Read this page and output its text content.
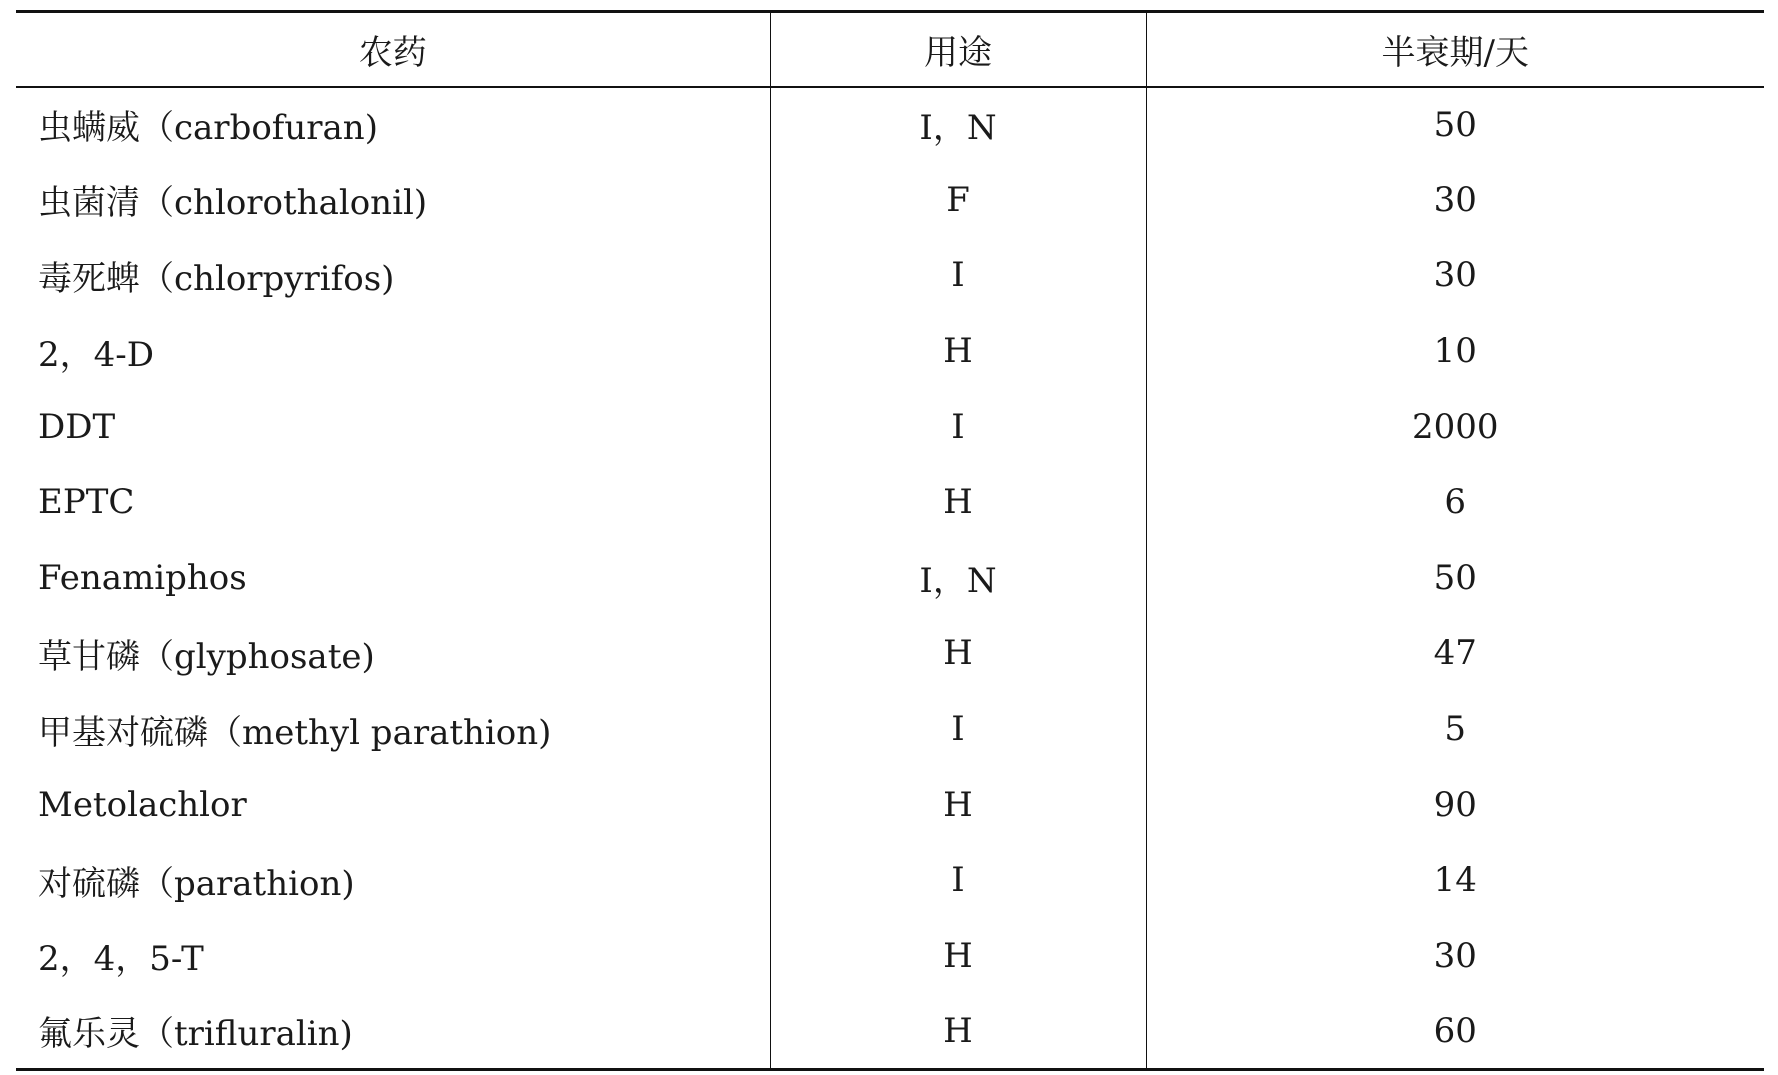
农药	用途	半衰期/天
虫螨威（carbofuran)	I，N	50
虫菌清（chlorothalonil)	F	30
毒死蜱（chlorpyrifos)	I	30
2，4-D	H	10
DDT	I	2000
EPTC	H	6
Fenamiphos	I，N	50
草甘磷（glyphosate)	H	47
甲基对硫磷（methyl parathion)	I	5
Metolachlor	H	90
对硫磷（parathion)	I	14
2，4，5-T	H	30
氟乐灵（trifluralin)	H	60
